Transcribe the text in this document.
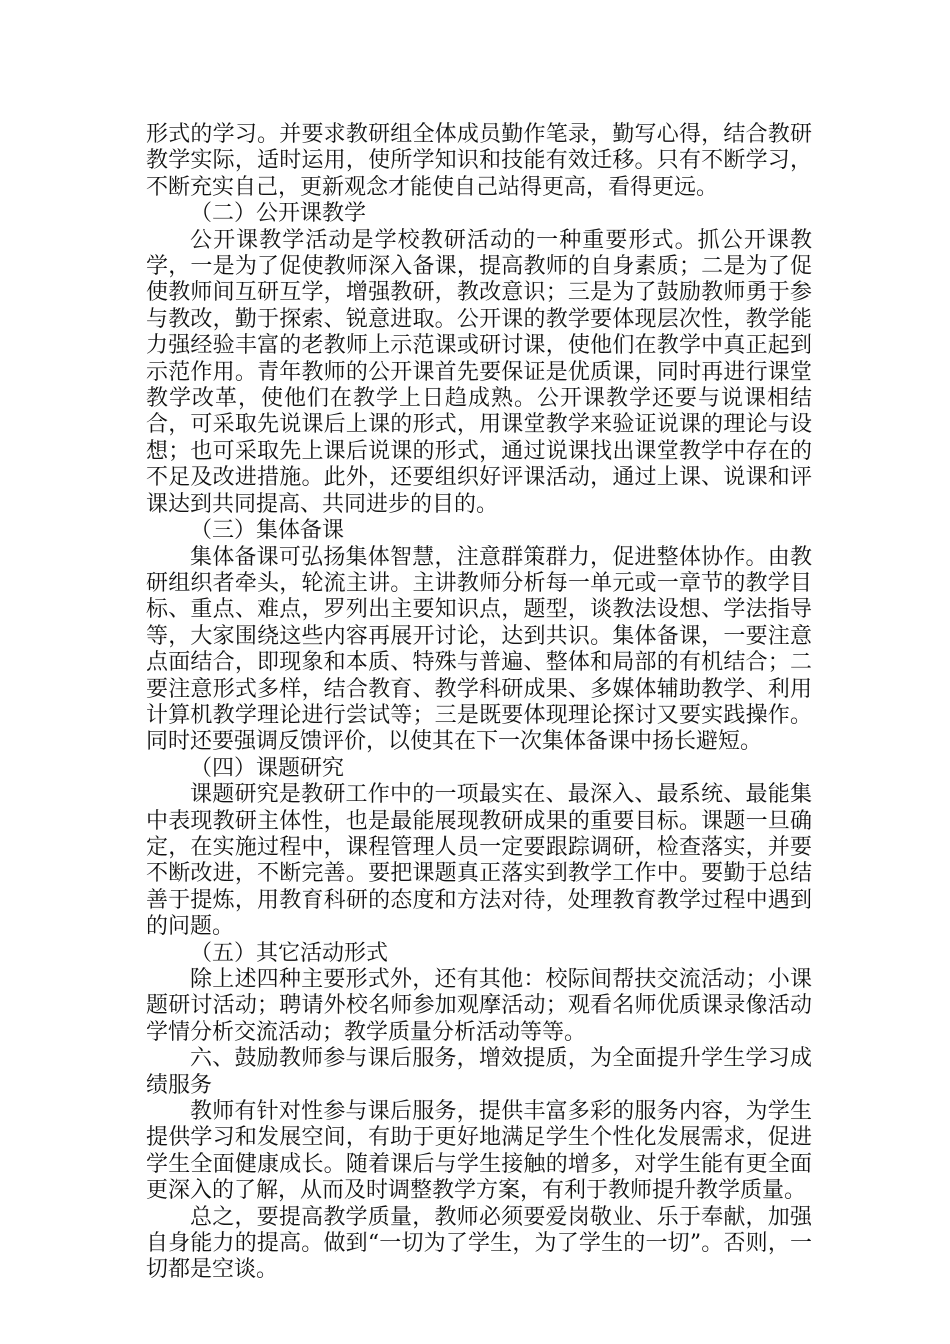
形式的学习。并要求教研组全体成员勤作笔录，勤写心得，结合教研教学实际，适时运用，使所学知识和技能有效迁移。只有不断学习，不断充实自己，更新观念才能使自己站得更高，看得更远。

（二）公开课教学

公开课教学活动是学校教研活动的一种重要形式。抓公开课教学，一是为了促使教师深入备课，提高教师的自身素质；二是为了促使教师间互研互学，增强教研，教改意识；三是为了鼓励教师勇于参与教改，勤于探索、锐意进取。公开课的教学要体现层次性，教学能力强经验丰富的老教师上示范课或研讨课，使他们在教学中真正起到示范作用。青年教师的公开课首先要保证是优质课，同时再进行课堂教学改革，使他们在教学上日趋成熟。公开课教学还要与说课相结合，可采取先说课后上课的形式，用课堂教学来验证说课的理论与设想；也可采取先上课后说课的形式，通过说课找出课堂教学中存在的不足及改进措施。此外，还要组织好评课活动，通过上课、说课和评课达到共同提高、共同进步的目的。

（三）集体备课

集体备课可弘扬集体智慧，注意群策群力，促进整体协作。由教研组织者牵头，轮流主讲。主讲教师分析每一单元或一章节的教学目标、重点、难点，罗列出主要知识点，题型，谈教法设想、学法指导等，大家围绕这些内容再展开讨论，达到共识。集体备课，一要注意点面结合，即现象和本质、特殊与普遍、整体和局部的有机结合；二要注意形式多样，结合教育、教学科研成果、多媒体辅助教学、利用计算机教学理论进行尝试等；三是既要体现理论探讨又要实践操作。同时还要强调反馈评价，以使其在下一次集体备课中扬长避短。

（四）课题研究

课题研究是教研工作中的一项最实在、最深入、最系统、最能集中表现教研主体性，也是最能展现教研成果的重要目标。课题一旦确定，在实施过程中，课程管理人员一定要跟踪调研，检查落实，并要不断改进，不断完善。要把课题真正落实到教学工作中。要勤于总结善于提炼，用教育科研的态度和方法对待，处理教育教学过程中遇到的问题。

（五）其它活动形式

除上述四种主要形式外，还有其他：校际间帮扶交流活动；小课题研讨活动；聘请外校名师参加观摩活动；观看名师优质课录像活动学情分析交流活动；教学质量分析活动等等。

六、鼓励教师参与课后服务，增效提质，为全面提升学生学习成绩服务

教师有针对性参与课后服务，提供丰富多彩的服务内容，为学生提供学习和发展空间，有助于更好地满足学生个性化发展需求，促进学生全面健康成长。随着课后与学生接触的增多，对学生能有更全面更深入的了解，从而及时调整教学方案，有利于教师提升教学质量。

总之，要提高教学质量，教师必须要爱岗敬业、乐于奉献，加强自身能力的提高。做到“一切为了学生，为了学生的一切”。否则，一切都是空谈。
